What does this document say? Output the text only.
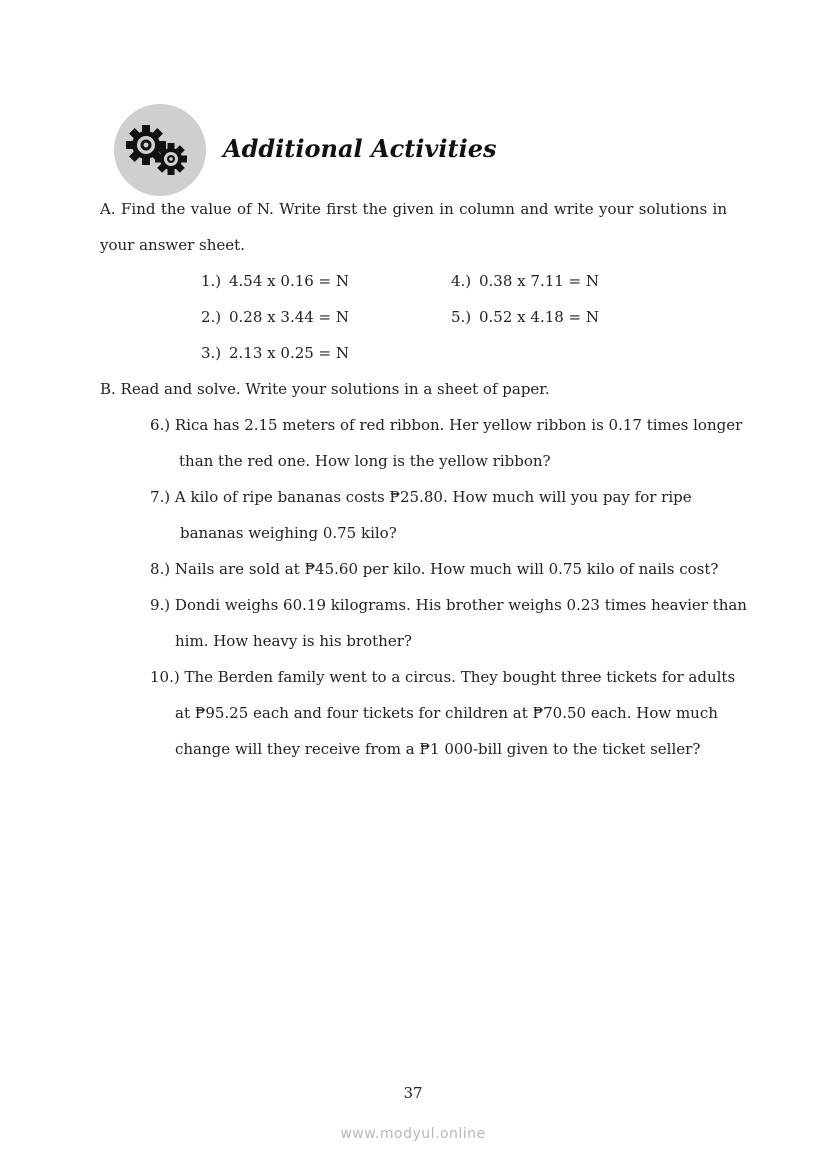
Additional Activities
A. Find the value of N. Write first the given in column and write your solutions in
your answer sheet.
1.) 4.54 x 0.16 = N
2.) 0.28 x 3.44 = N
3.) 2.13 x 0.25 = N
4.) 0.38 x 7.11 = N
5.) 0.52 x 4.18 = N
B. Read and solve. Write your solutions in a sheet of paper.
6.) Rica has 2.15 meters of red ribbon. Her yellow ribbon is 0.17 times longer
than the red one. How long is the yellow ribbon?
7.) A kilo of ripe bananas costs ₱25.80. How much will you pay for ripe
bananas weighing 0.75 kilo?
8.) Nails are sold at ₱45.60 per kilo. How much will 0.75 kilo of nails cost?
9.) Dondi weighs 60.19 kilograms. His brother weighs 0.23 times heavier than
him. How heavy is his brother?
10.) The Berden family went to a circus. They bought three tickets for adults
at ₱95.25 each and four tickets for children at ₱70.50 each. How much
change will they receive from a ₱1 000-bill given to the ticket seller?
37
www.modyul.online
